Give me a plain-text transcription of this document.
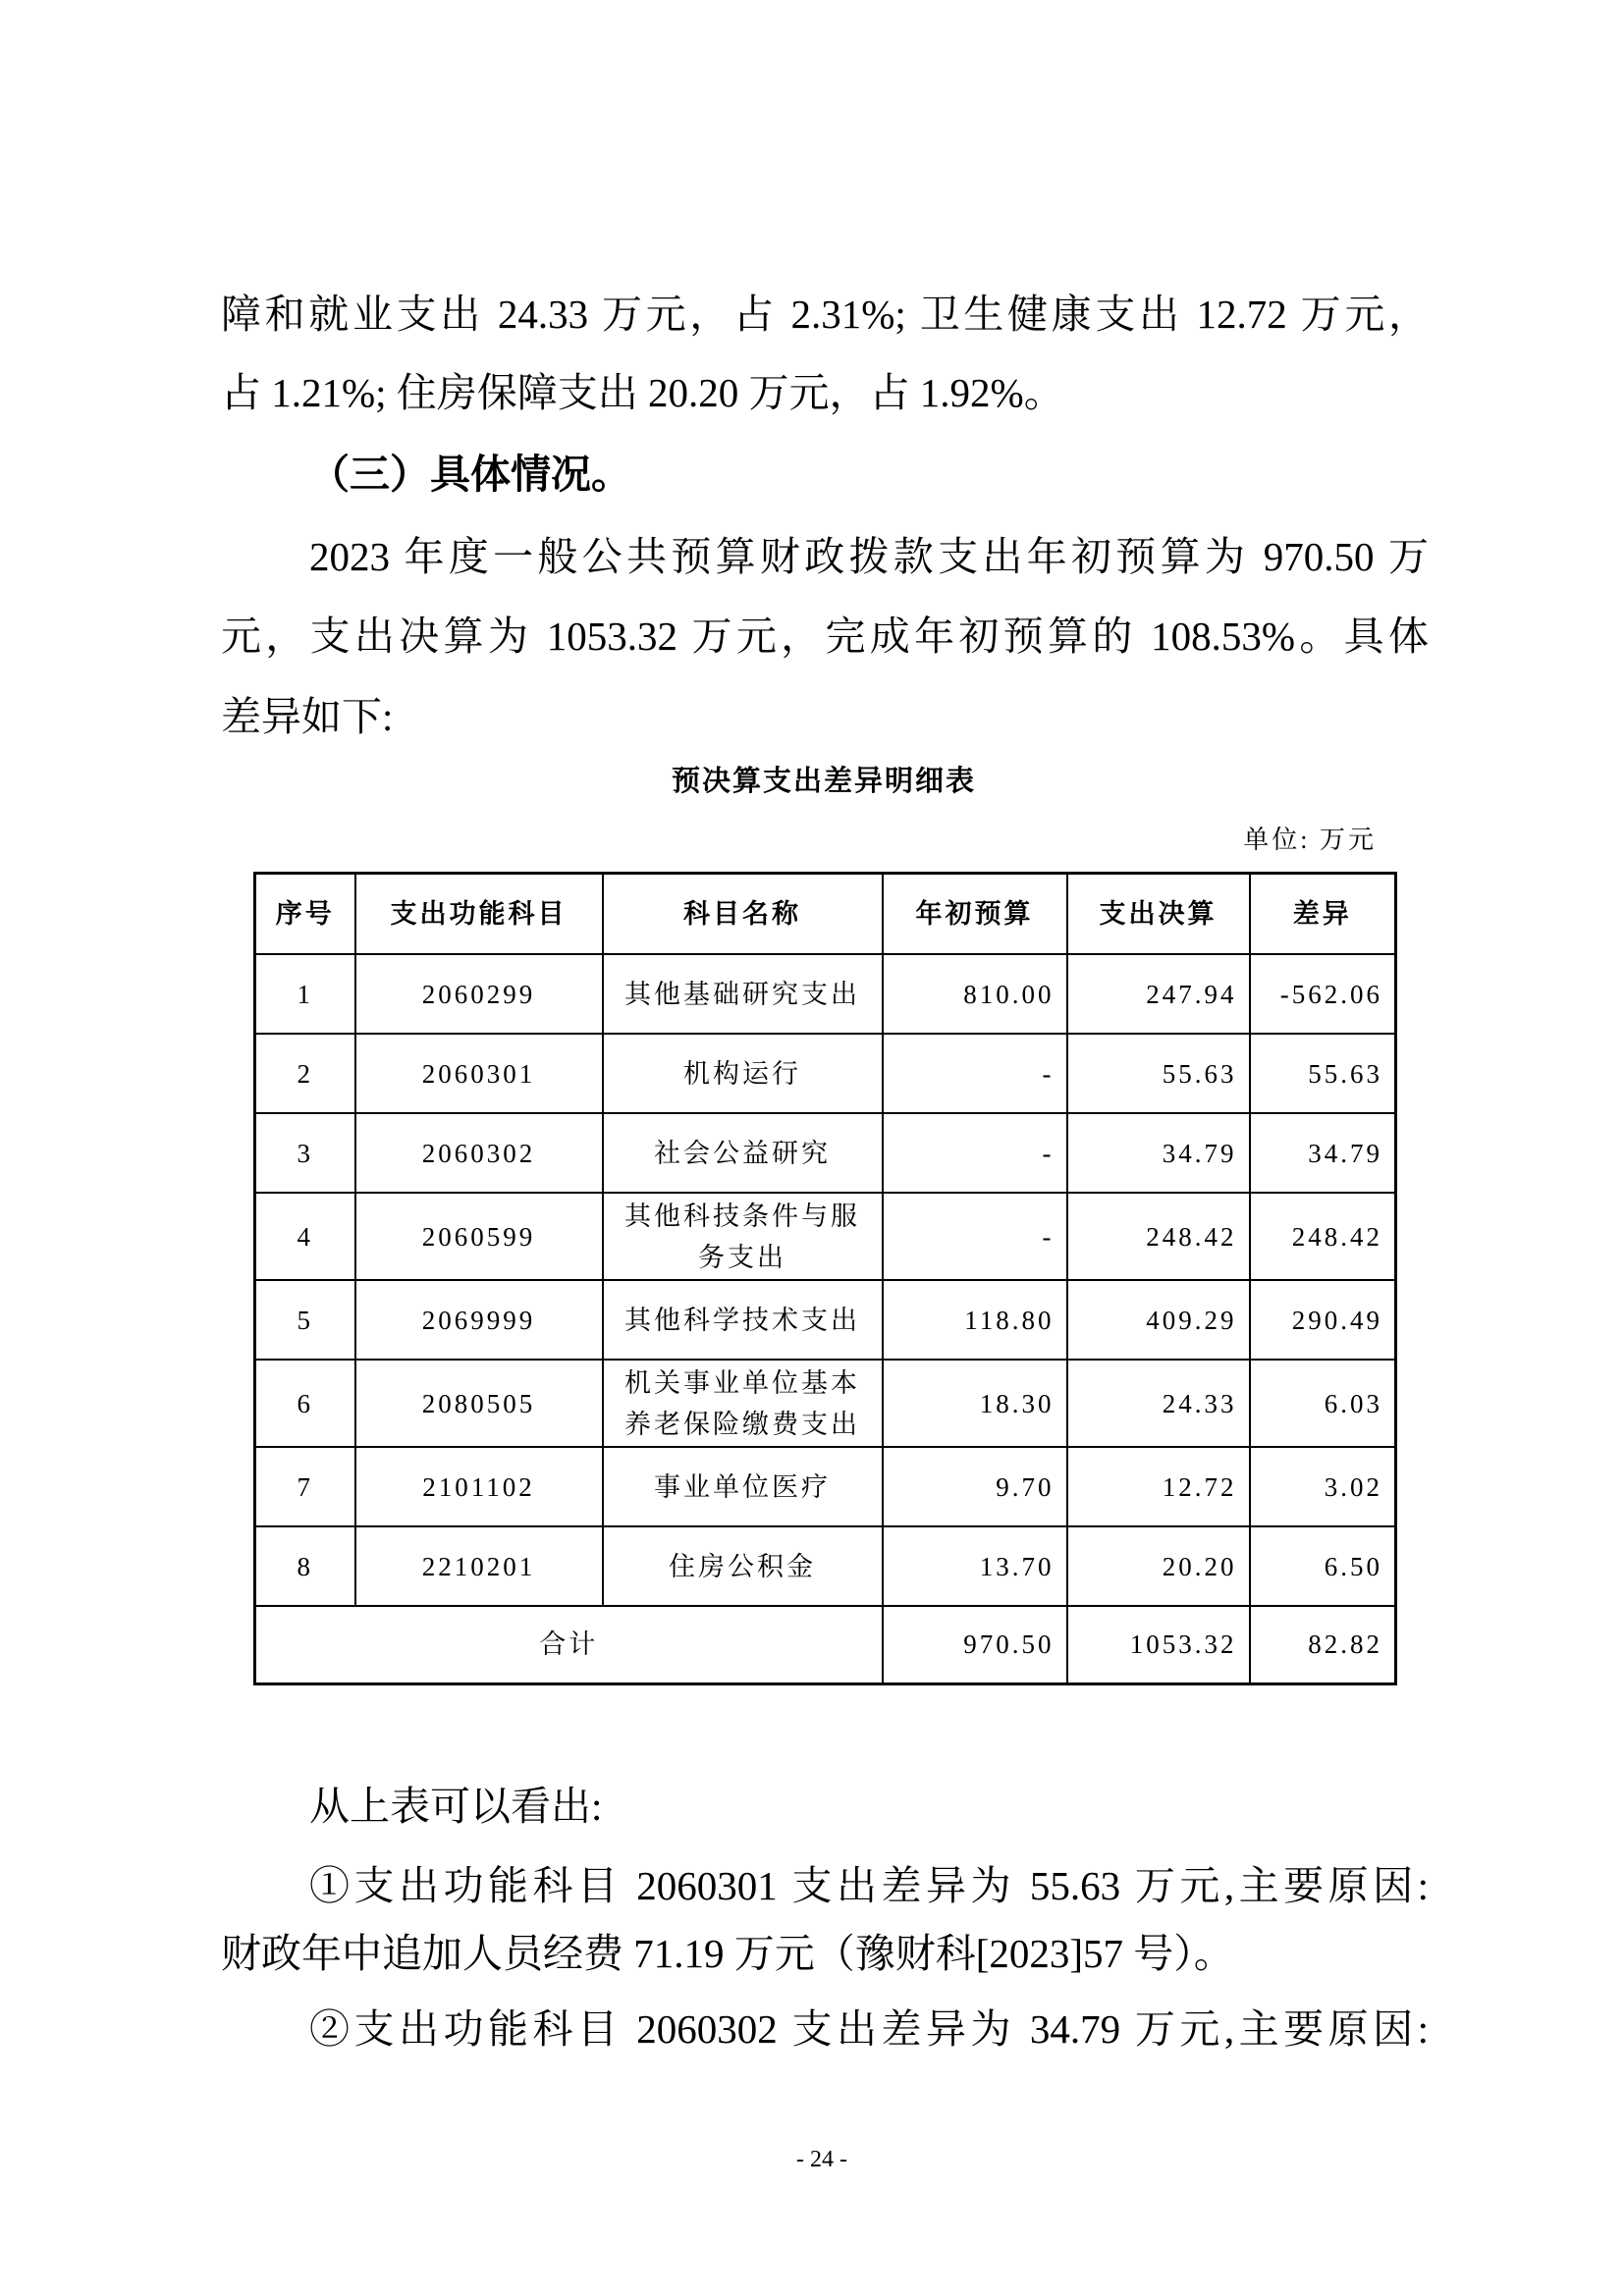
障和就业支出 24.33 万元，占 2.31%; 卫生健康支出 12.72 万元，
占 1.21%; 住房保障支出 20.20 万元，占 1.92%。
（三）具体情况。
2023 年度一般公共预算财政拨款支出年初预算为 970.50 万
元，支出决算为 1053.32 万元，完成年初预算的 108.53%。具体
差异如下:
预决算支出差异明细表
单位: 万元
序号	支出功能科目	科目名称	年初预算	支出决算	差异
1	2060299	其他基础研究支出	810.00	247.94	-562.06
2	2060301	机构运行	-	55.63	55.63
3	2060302	社会公益研究	-	34.79	34.79
4	2060599	其他科技条件与服务支出	-	248.42	248.42
5	2069999	其他科学技术支出	118.80	409.29	290.49
6	2080505	机关事业单位基本养老保险缴费支出	18.30	24.33	6.03
7	2101102	事业单位医疗	9.70	12.72	3.02
8	2210201	住房公积金	13.70	20.20	6.50
合计			970.50	1053.32	82.82
从上表可以看出:
①支出功能科目 2060301 支出差异为 55.63 万元,主要原因:
财政年中追加人员经费 71.19 万元（豫财科[2023]57 号）。
②支出功能科目 2060302 支出差异为 34.79 万元,主要原因:
- 24 -
